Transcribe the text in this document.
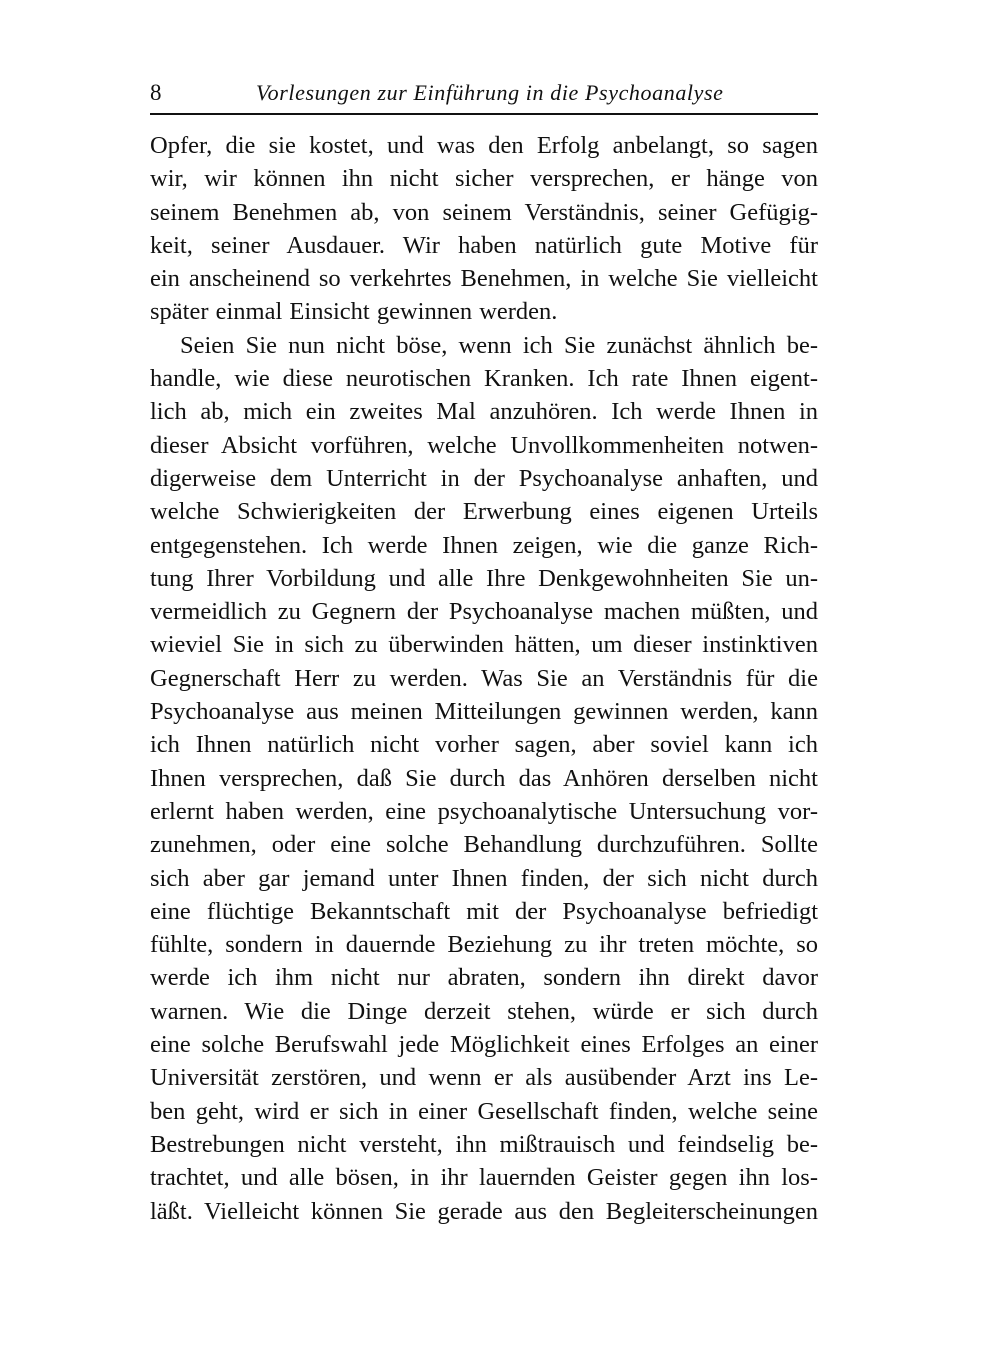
8	Vorlesungen zur Einführung in die Psychoanalyse
Opfer, die sie kostet, und was den Erfolg anbelangt, so sagen
wir, wir können ihn nicht sicher versprechen, er hänge von
seinem Benehmen ab, von seinem Verständnis, seiner Gefügig-
keit, seiner Ausdauer. Wir haben natürlich gute Motive für
ein anscheinend so verkehrtes Benehmen, in welche Sie vielleicht
später einmal Einsicht gewinnen werden.
Seien Sie nun nicht böse, wenn ich Sie zunächst ähnlich be-
handle, wie diese neurotischen Kranken. Ich rate Ihnen eigent-
lich ab, mich ein zweites Mal anzuhören. Ich werde Ihnen in
dieser Absicht vorführen, welche Unvollkommenheiten notwen-
digerweise dem Unterricht in der Psychoanalyse anhaften, und
welche Schwierigkeiten der Erwerbung eines eigenen Urteils
entgegenstehen. Ich werde Ihnen zeigen, wie die ganze Rich-
tung Ihrer Vorbildung und alle Ihre Denkgewohnheiten Sie un-
vermeidlich zu Gegnern der Psychoanalyse machen müßten, und
wieviel Sie in sich zu überwinden hätten, um dieser instinktiven
Gegnerschaft Herr zu werden. Was Sie an Verständnis für die
Psychoanalyse aus meinen Mitteilungen gewinnen werden, kann
ich Ihnen natürlich nicht vorher sagen, aber soviel kann ich
Ihnen versprechen, daß Sie durch das Anhören derselben nicht
erlernt haben werden, eine psychoanalytische Untersuchung vor-
zunehmen, oder eine solche Behandlung durchzuführen. Sollte
sich aber gar jemand unter Ihnen finden, der sich nicht durch
eine flüchtige Bekanntschaft mit der Psychoanalyse befriedigt
fühlte, sondern in dauernde Beziehung zu ihr treten möchte, so
werde ich ihm nicht nur abraten, sondern ihn direkt davor
warnen. Wie die Dinge derzeit stehen, würde er sich durch
eine solche Berufswahl jede Möglichkeit eines Erfolges an einer
Universität zerstören, und wenn er als ausübender Arzt ins Le-
ben geht, wird er sich in einer Gesellschaft finden, welche seine
Bestrebungen nicht versteht, ihn mißtrauisch und feindselig be-
trachtet, und alle bösen, in ihr lauernden Geister gegen ihn los-
läßt. Vielleicht können Sie gerade aus den Begleiterscheinungen
